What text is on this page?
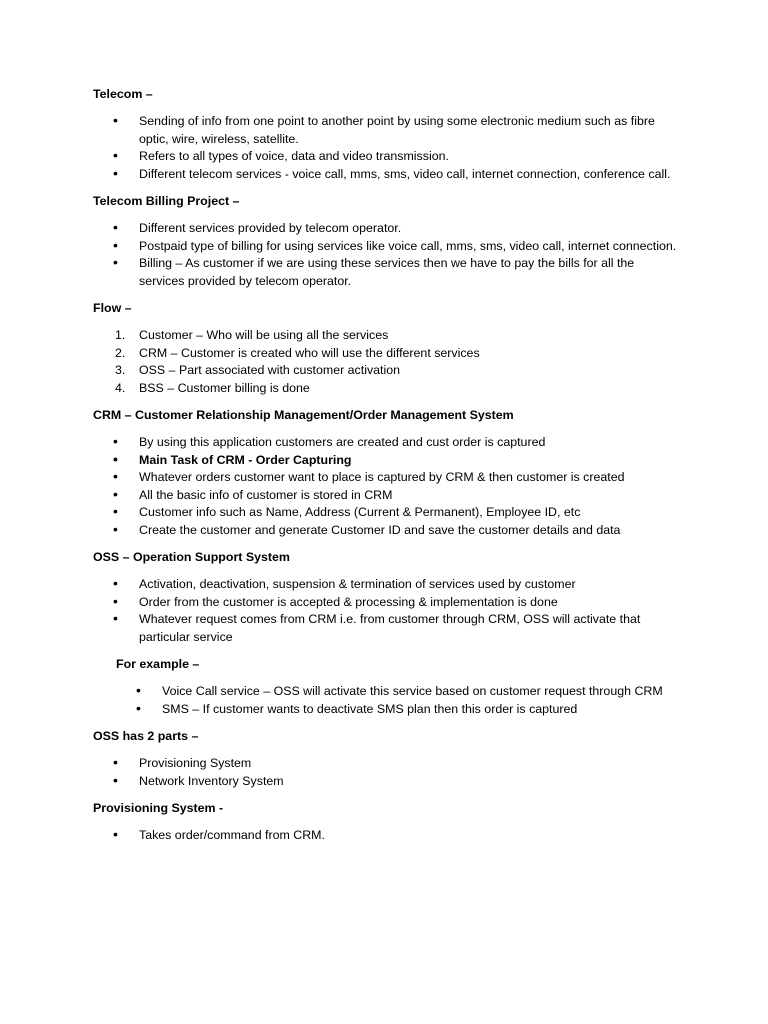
Telecom –

• Sending of info from one point to another point by using some electronic medium such as fibre optic, wire, wireless, satellite.
• Refers to all types of voice, data and video transmission.
• Different telecom services - voice call, mms, sms, video call, internet connection, conference call.

Telecom Billing Project –

• Different services provided by telecom operator.
• Postpaid type of billing for using services like voice call, mms, sms, video call, internet connection.
• Billing – As customer if we are using these services then we have to pay the bills for all the services provided by telecom operator.

Flow –

1. Customer – Who will be using all the services
2. CRM – Customer is created who will use the different services
3. OSS – Part associated with customer activation
4. BSS – Customer billing is done

CRM – Customer Relationship Management/Order Management System

• By using this application customers are created and cust order is captured
• Main Task of CRM - Order Capturing
• Whatever orders customer want to place is captured by CRM & then customer is created
• All the basic info of customer is stored in CRM
• Customer info such as Name, Address (Current & Permanent), Employee ID, etc
• Create the customer and generate Customer ID and save the customer details and data

OSS – Operation Support System

• Activation, deactivation, suspension & termination of services used by customer
• Order from the customer is accepted & processing & implementation is done
• Whatever request comes from CRM i.e. from customer through CRM, OSS will activate that particular service

For example –

• Voice Call service – OSS will activate this service based on customer request through CRM
• SMS – If customer wants to deactivate SMS plan then this order is captured

OSS has 2 parts –

• Provisioning System
• Network Inventory System

Provisioning System -

• Takes order/command from CRM.
